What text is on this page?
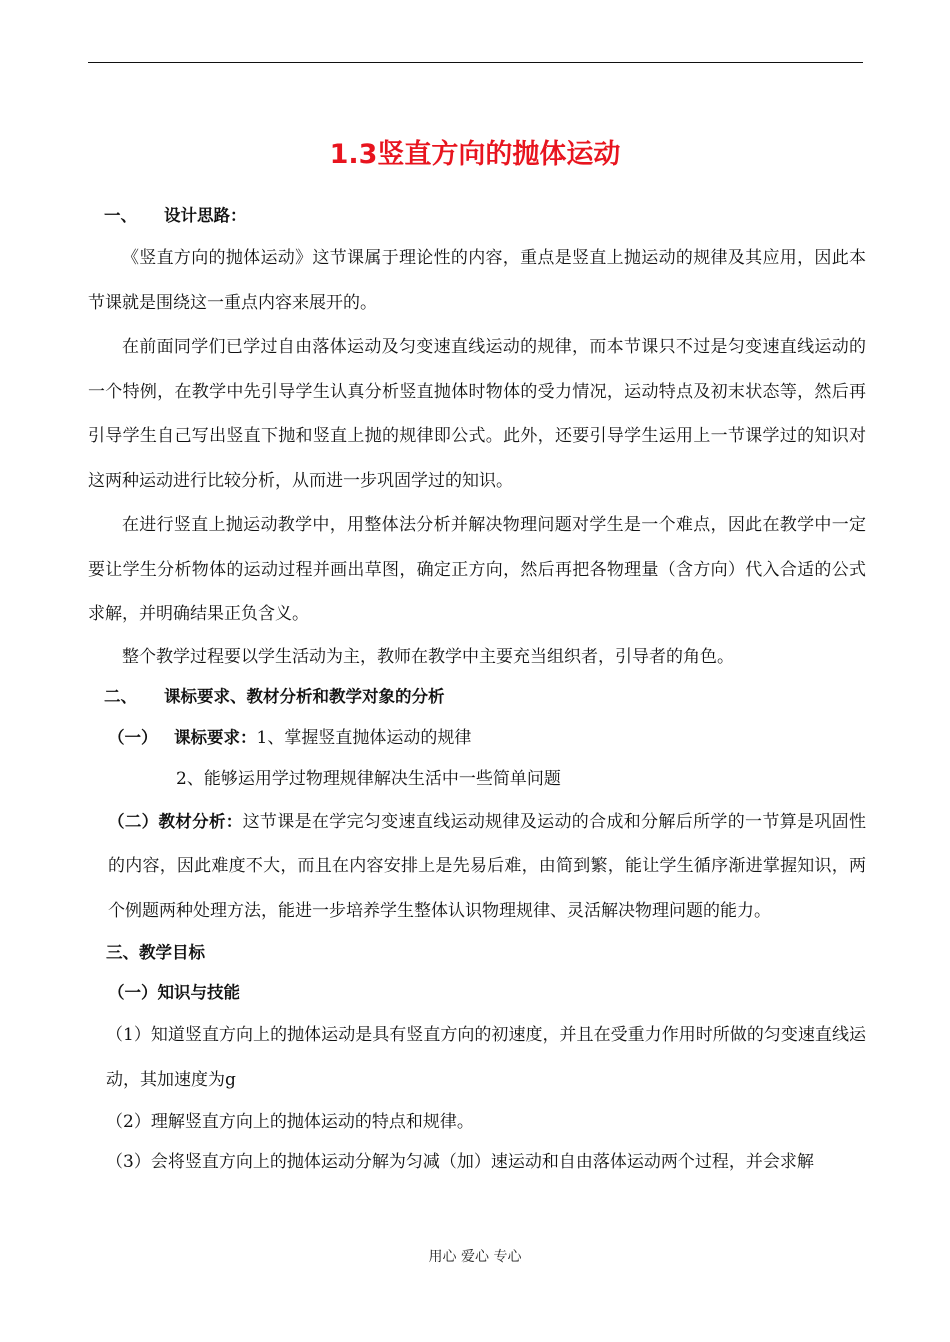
1.3竖直方向的抛体运动
一、 设计思路：

《竖直方向的抛体运动》这节课属于理论性的内容，重点是竖直上抛运动的规律及其应用，因此本节课就是围绕这一重点内容来展开的。

在前面同学们已学过自由落体运动及匀变速直线运动的规律，而本节课只不过是匀变速直线运动的一个特例，在教学中先引导学生认真分析竖直抛体时物体的受力情况，运动特点及初末状态等，然后再引导学生自己写出竖直下抛和竖直上抛的规律即公式。此外，还要引导学生运用上一节课学过的知识对这两种运动进行比较分析，从而进一步巩固学过的知识。

在进行竖直上抛运动教学中，用整体法分析并解决物理问题对学生是一个难点，因此在教学中一定要让学生分析物体的运动过程并画出草图，确定正方向，然后再把各物理量（含方向）代入合适的公式求解，并明确结果正负含义。

整个教学过程要以学生活动为主，教师在教学中主要充当组织者，引导者的角色。

二、 课标要求、教材分析和教学对象的分析
（一） 课标要求：1、掌握竖直抛体运动的规律
2、能够运用学过物理规律解决生活中一些简单问题

（二）教材分析：这节课是在学完匀变速直线运动规律及运动的合成和分解后所学的一节算是巩固性的内容，因此难度不大，而且在内容安排上是先易后难，由简到繁，能让学生循序渐进掌握知识，两个例题两种处理方法，能进一步培养学生整体认识物理规律、灵活解决物理问题的能力。

三、教学目标
（一）知识与技能

（1）知道竖直方向上的抛体运动是具有竖直方向的初速度，并且在受重力作用时所做的匀变速直线运动，其加速度为g

（2）理解竖直方向上的抛体运动的特点和规律。

（3）会将竖直方向上的抛体运动分解为匀减（加）速运动和自由落体运动两个过程，并会求解

用心 爱心 专心
